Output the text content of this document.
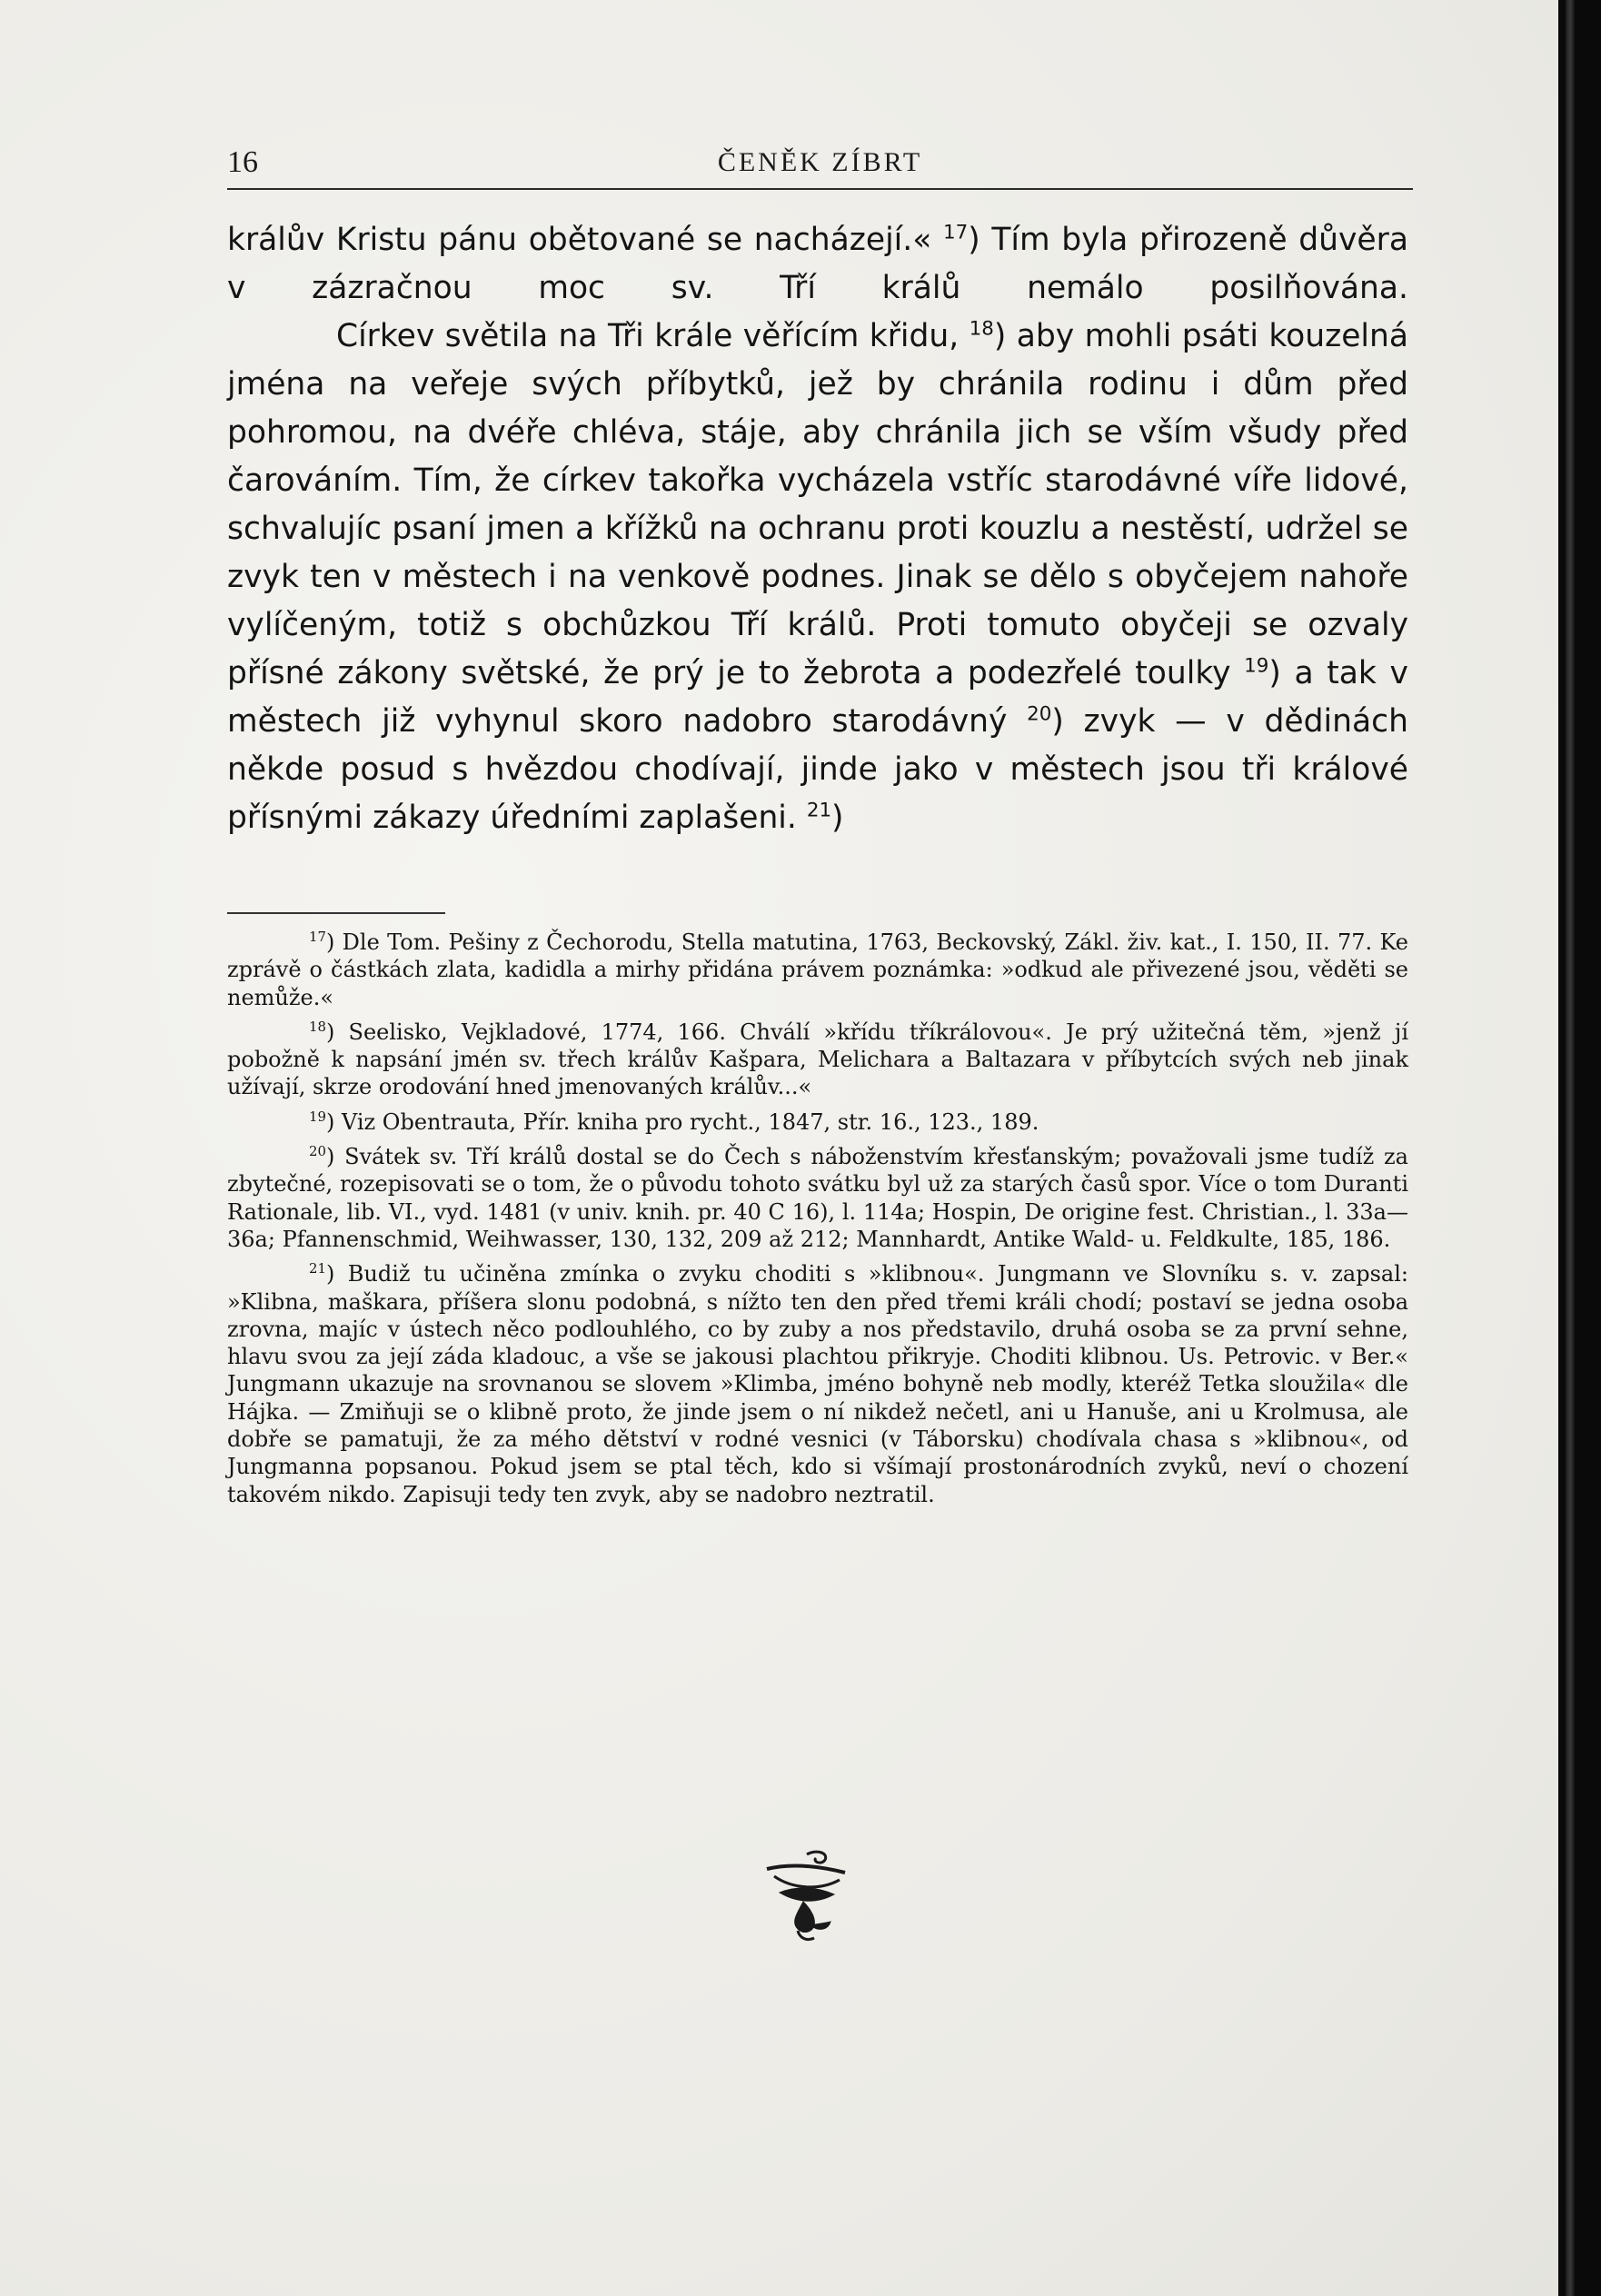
16	ČENĚK ZÍBRT

králův Kristu pánu obětované se nacházejí.« $^{17}$) Tím byla přirozeně důvěra v zázračnou moc sv. Tří králů nemálo posilňována.

Církev světila na Tři krále věřícím křidu, $^{18}$) aby mohli psáti kouzelná jména na veřeje svých příbytků, jež by chránila rodinu i dům před pohromou, na dvéře chléva, stáje, aby chránila jich se vším všudy před čarováním. Tím, že církev takořka vycházela vstříc starodávné víře lidové, schvalujíc psaní jmen a křížků na ochranu proti kouzlu a nestěstí, udržel se zvyk ten v městech i na venkově podnes. Jinak se dělo s obyčejem nahoře vylíčeným, totiž s obchůzkou Tří králů. Proti tomuto obyčeji se ozvaly přísné zákony světské, že prý je to žebrota a podezřelé toulky $^{19}$) a tak v městech již vyhynul skoro nadobro starodávný $^{20}$) zvyk — v dědinách někde posud s hvězdou chodívají, jinde jako v městech jsou tři králové přísnými zákazy úředními zaplašeni. $^{21}$)

$^{17}$) Dle Tom. Pešiny z Čechorodu, Stella matutina, 1763, Beckovský, Zákl. živ. kat., I. 150, II. 77. Ke zprávě o částkách zlata, kadidla a mirhy přidána právem poznámka: »odkud ale přivezené jsou, věděti se nemůže.«

$^{18}$) Seelisko, Vejkladové, 1774, 166. Chválí »křídu tříkrálovou«. Je prý užitečná těm, »jenž jí pobožně k napsání jmén sv. třech králův Kašpara, Melichara a Baltazara v příbytcích svých neb jinak užívají, skrze orodování hned jmenovaných králův...«

$^{19}$) Viz Obentrauta, Přír. kniha pro rycht., 1847, str. 16., 123., 189.

$^{20}$) Svátek sv. Tří králů dostal se do Čech s náboženstvím křesťanským; považovali jsme tudíž za zbytečné, rozepisovati se o tom, že o původu tohoto svátku byl už za starých časů spor. Více o tom Duranti Rationale, lib. VI., vyd. 1481 (v univ. knih. pr. 40 C 16), l. 114a; Hospin, De origine fest. Christian., l. 33a—36a; Pfannenschmid, Weihwasser, 130, 132, 209 až 212; Mannhardt, Antike Wald- u. Feldkulte, 185, 186.

$^{21}$) Budiž tu učiněna zmínka o zvyku choditi s »klibnou«. Jungmann ve Slovníku s. v. zapsal: »Klibna, maškara, příšera slonu podobná, s nížto ten den před třemi králi chodí; postaví se jedna osoba zrovna, majíc v ústech něco podlouhlého, co by zuby a nos představilo, druhá osoba se za první sehne, hlavu svou za její záda kladouc, a vše se jakousi plachtou přikryje. Choditi klibnou. Us. Petrovic. v Ber.« Jungmann ukazuje na srovnanou se slovem »Klimba, jméno bohyně neb modly, kteréž Tetka sloužila« dle Hájka. — Zmiňuji se o klibně proto, že jinde jsem o ní nikdež nečetl, ani u Hanuše, ani u Krolmusa, ale dobře se pamatuji, že za mého dětství v rodné vesnici (v Táborsku) chodívala chasa s »klibnou«, od Jungmanna popsanou. Pokud jsem se ptal těch, kdo si všímají prostonárodních zvyků, neví o chození takovém nikdo. Zapisuji tedy ten zvyk, aby se nadobro neztratil.
